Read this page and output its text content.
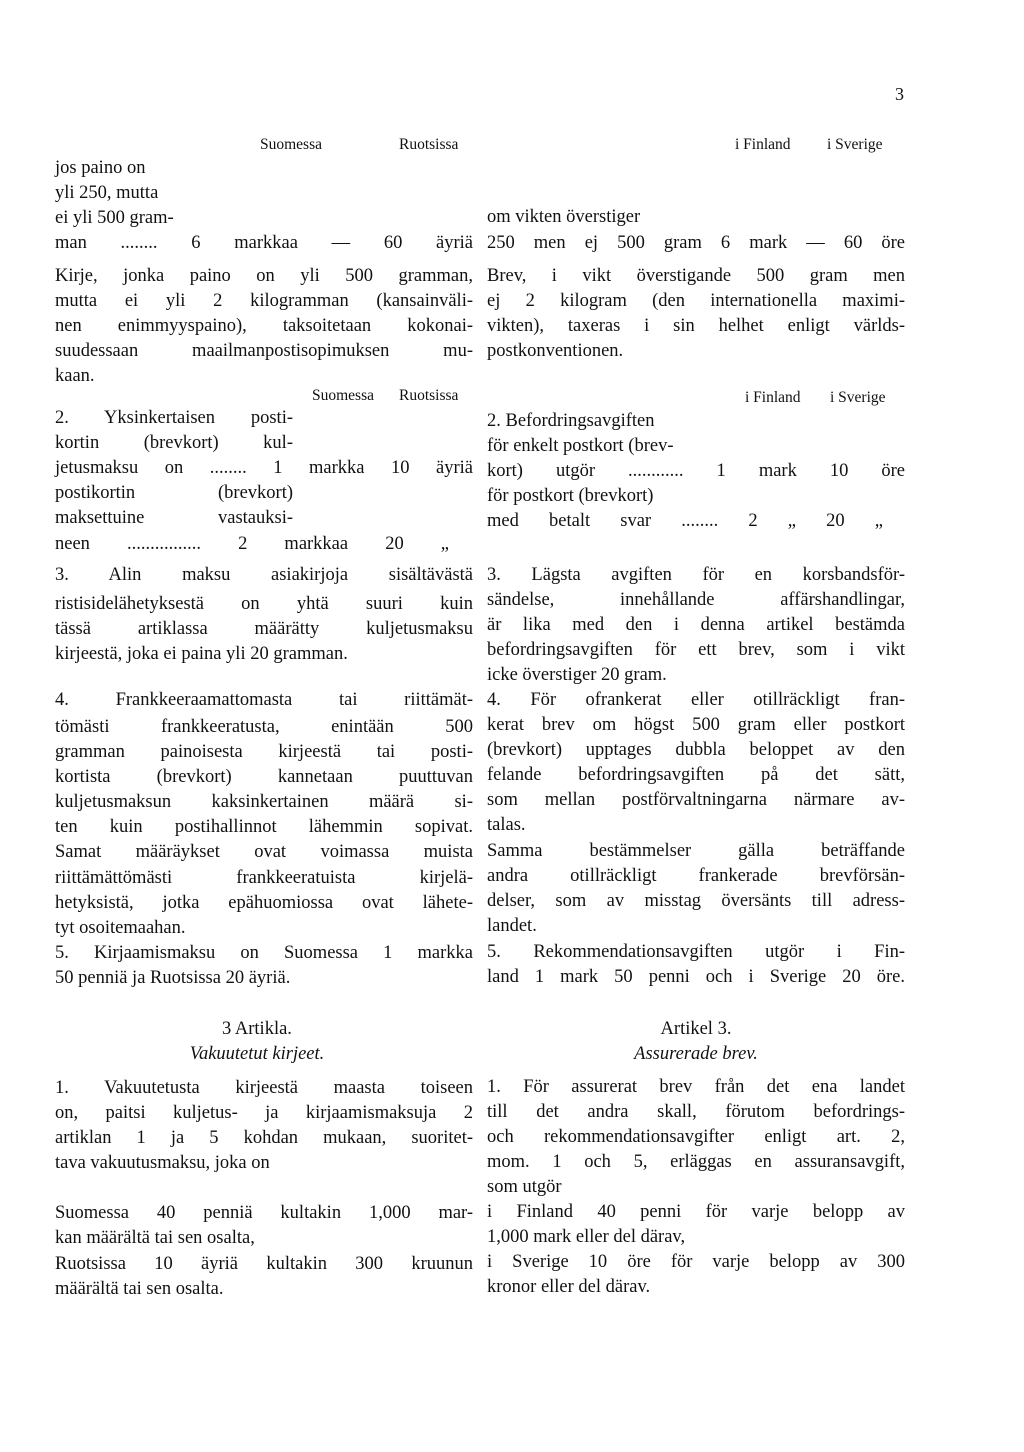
3
Suomessa	Ruotsissa
jos paino on
yli 250, mutta
ei yli 500 gram-
man ........ 6 markkaa — 60 äyriä
Kirje, jonka paino on yli 500 gramman,
mutta ei yli 2 kilogramman (kansainväli-
nen enimmyyspaino), taksoitetaan kokonai-
suudessaan maailmanpostisopimuksen mu-
kaan.
Suomessa Ruotsissa
2. Yksinkertaisen posti-
kortin (brevkort) kul-
jetusmaksu on ........ 1 markka 10 äyriä
postikortin (brevkort)
maksettuine vastauksi-
neen ................ 2 markkaa 20 „
3. Alin maksu asiakirjoja sisältävästä
ristisidelähetyksestä on yhtä suuri kuin
tässä artiklassa määrätty kuljetusmaksu
kirjeestä, joka ei paina yli 20 gramman.
4. Frankkeeraamattomasta tai riittämät-
tömästi frankkeeratusta, enintään 500
gramman painoisesta kirjeestä tai posti-
kortista (brevkort) kannetaan puuttuvan
kuljetusmaksun kaksinkertainen määrä si-
ten kuin postihallinnot lähemmin sopivat.
Samat määräykset ovat voimassa muista
riittämättömästi frankkeeratuista kirjelä-
hetyksistä, jotka epähuomiossa ovat lähete-
tyt osoitemaahan.
5. Kirjaamismaksu on Suomessa 1 markka
50 penniä ja Ruotsissa 20 äyriä.
3 Artikla.
Vakuutetut kirjeet.
1. Vakuutetusta kirjeestä maasta toiseen
on, paitsi kuljetus- ja kirjaamismaksuja 2
artiklan 1 ja 5 kohdan mukaan, suoritet-
tava vakuutusmaksu, joka on
Suomessa 40 penniä kultakin 1,000 mar-
kan määrältä tai sen osalta,
Ruotsissa 10 äyriä kultakin 300 kruunun
määrältä tai sen osalta.
i Finland i Sverige
om vikten överstiger
250 men ej 500 gram 6 mark — 60 öre
Brev, i vikt överstigande 500 gram men
ej 2 kilogram (den internationella maximi-
vikten), taxeras i sin helhet enligt världs-
postkonventionen.
i Finland i Sverige
2. Befordringsavgiften
för enkelt postkort (brev-
kort) utgör ............ 1 mark 10 öre
för postkort (brevkort)
med betalt svar ........ 2 „ 20 „
3. Lägsta avgiften för en korsbandsför-
sändelse, innehållande affärshandlingar,
är lika med den i denna artikel bestämda
befordringsavgiften för ett brev, som i vikt
icke överstiger 20 gram.
4. För ofrankerat eller otillräckligt fran-
kerat brev om högst 500 gram eller postkort
(brevkort) upptages dubbla beloppet av den
felande befordringsavgiften på det sätt,
som mellan postförvaltningarna närmare av-
talas.
Samma bestämmelser gälla beträffande
andra otillräckligt frankerade brevförsän-
delser, som av misstag översänts till adress-
landet.
5. Rekommendationsavgiften utgör i Fin-
land 1 mark 50 penni och i Sverige 20 öre.
Artikel 3.
Assurerade brev.
1. För assurerat brev från det ena landet
till det andra skall, förutom befordrings-
och rekommendationsavgifter enligt art. 2,
mom. 1 och 5, erläggas en assuransavgift,
som utgör
i Finland 40 penni för varje belopp av
1,000 mark eller del därav,
i Sverige 10 öre för varje belopp av 300
kronor eller del därav.
